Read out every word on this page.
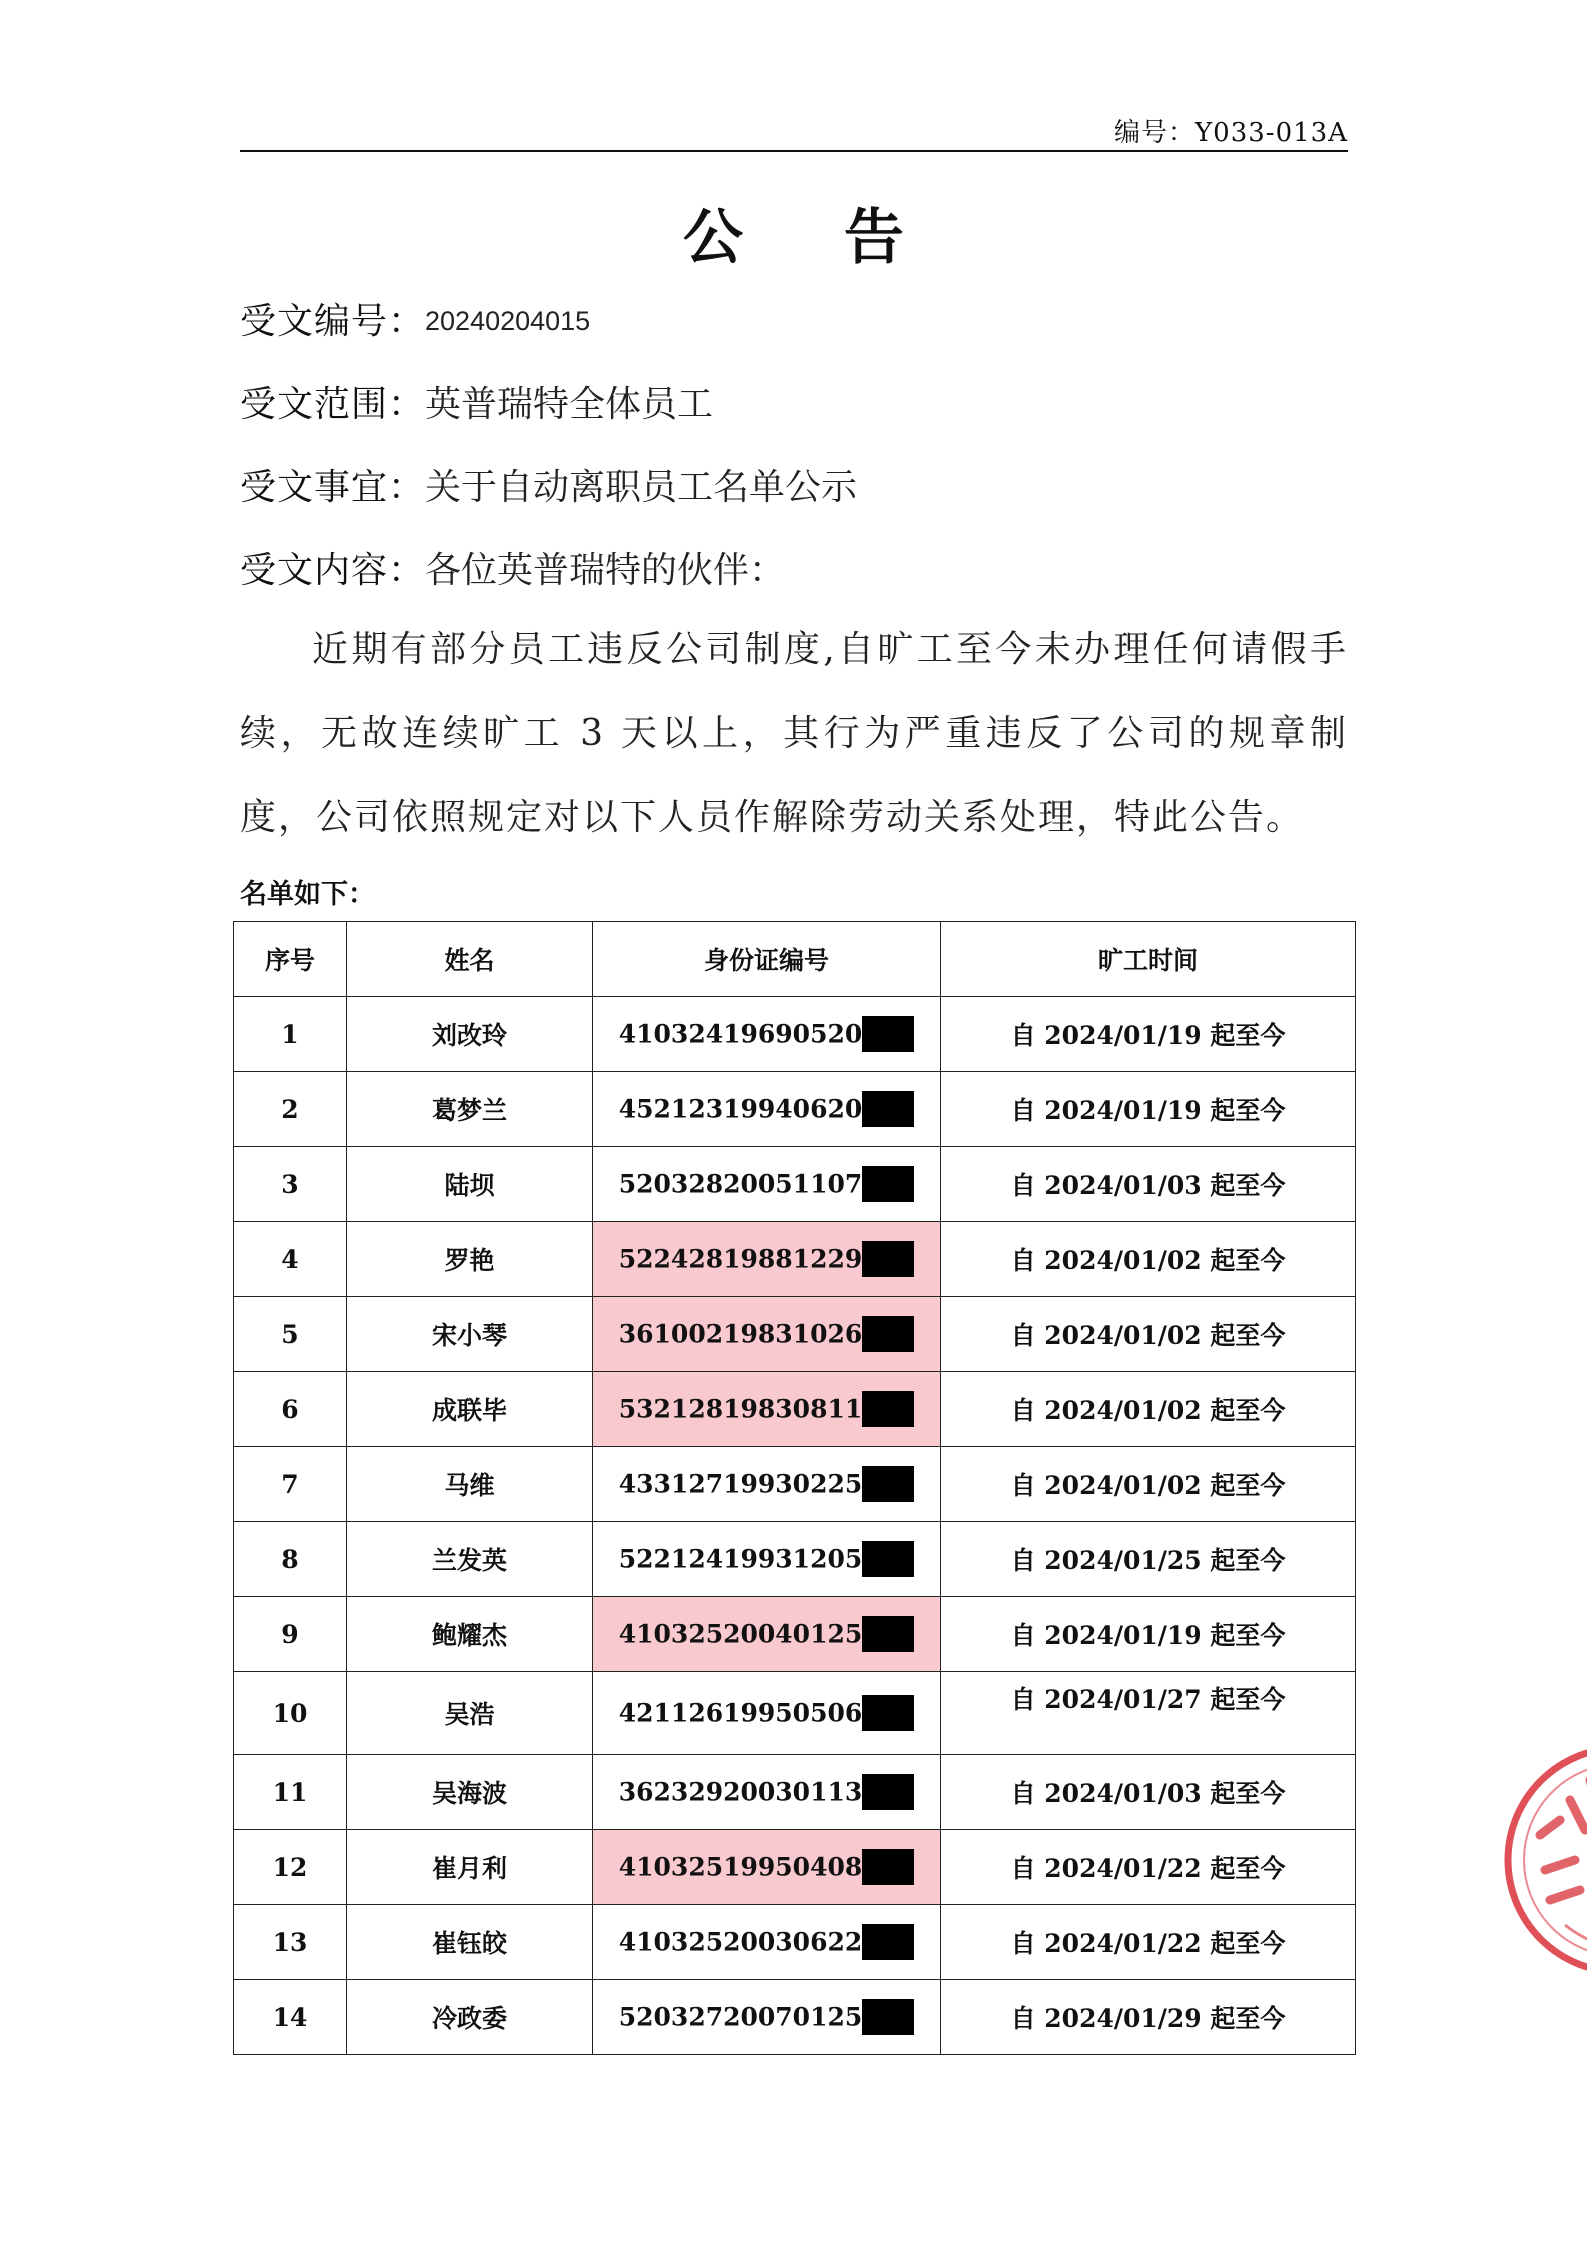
编号：Y033-013A
公 告
受文编号：20240204015
受文范围：英普瑞特全体员工
受文事宜：关于自动离职员工名单公示
受文内容：各位英普瑞特的伙伴：
近期有部分员工违反公司制度,自旷工至今未办理任何请假手续，无故连续旷工 3 天以上，其行为严重违反了公司的规章制度，公司依照规定对以下人员作解除劳动关系处理，特此公告。
名单如下：
序号	姓名	身份证编号	旷工时间
1	刘改玲	41032419690520	自 2024/01/19 起至今
2	葛梦兰	45212319940620	自 2024/01/19 起至今
3	陆坝	52032820051107	自 2024/01/03 起至今
4	罗艳	52242819881229	自 2024/01/02 起至今
5	宋小琴	36100219831026	自 2024/01/02 起至今
6	成联毕	53212819830811	自 2024/01/02 起至今
7	马维	43312719930225	自 2024/01/02 起至今
8	兰发英	52212419931205	自 2024/01/25 起至今
9	鲍耀杰	41032520040125	自 2024/01/19 起至今
10	吴浩	42112619950506	自 2024/01/27 起至今
11	吴海波	36232920030113	自 2024/01/03 起至今
12	崔月利	41032519950408	自 2024/01/22 起至今
13	崔钰皎	41032520030622	自 2024/01/22 起至今
14	冷政委	52032720070125	自 2024/01/29 起至今
